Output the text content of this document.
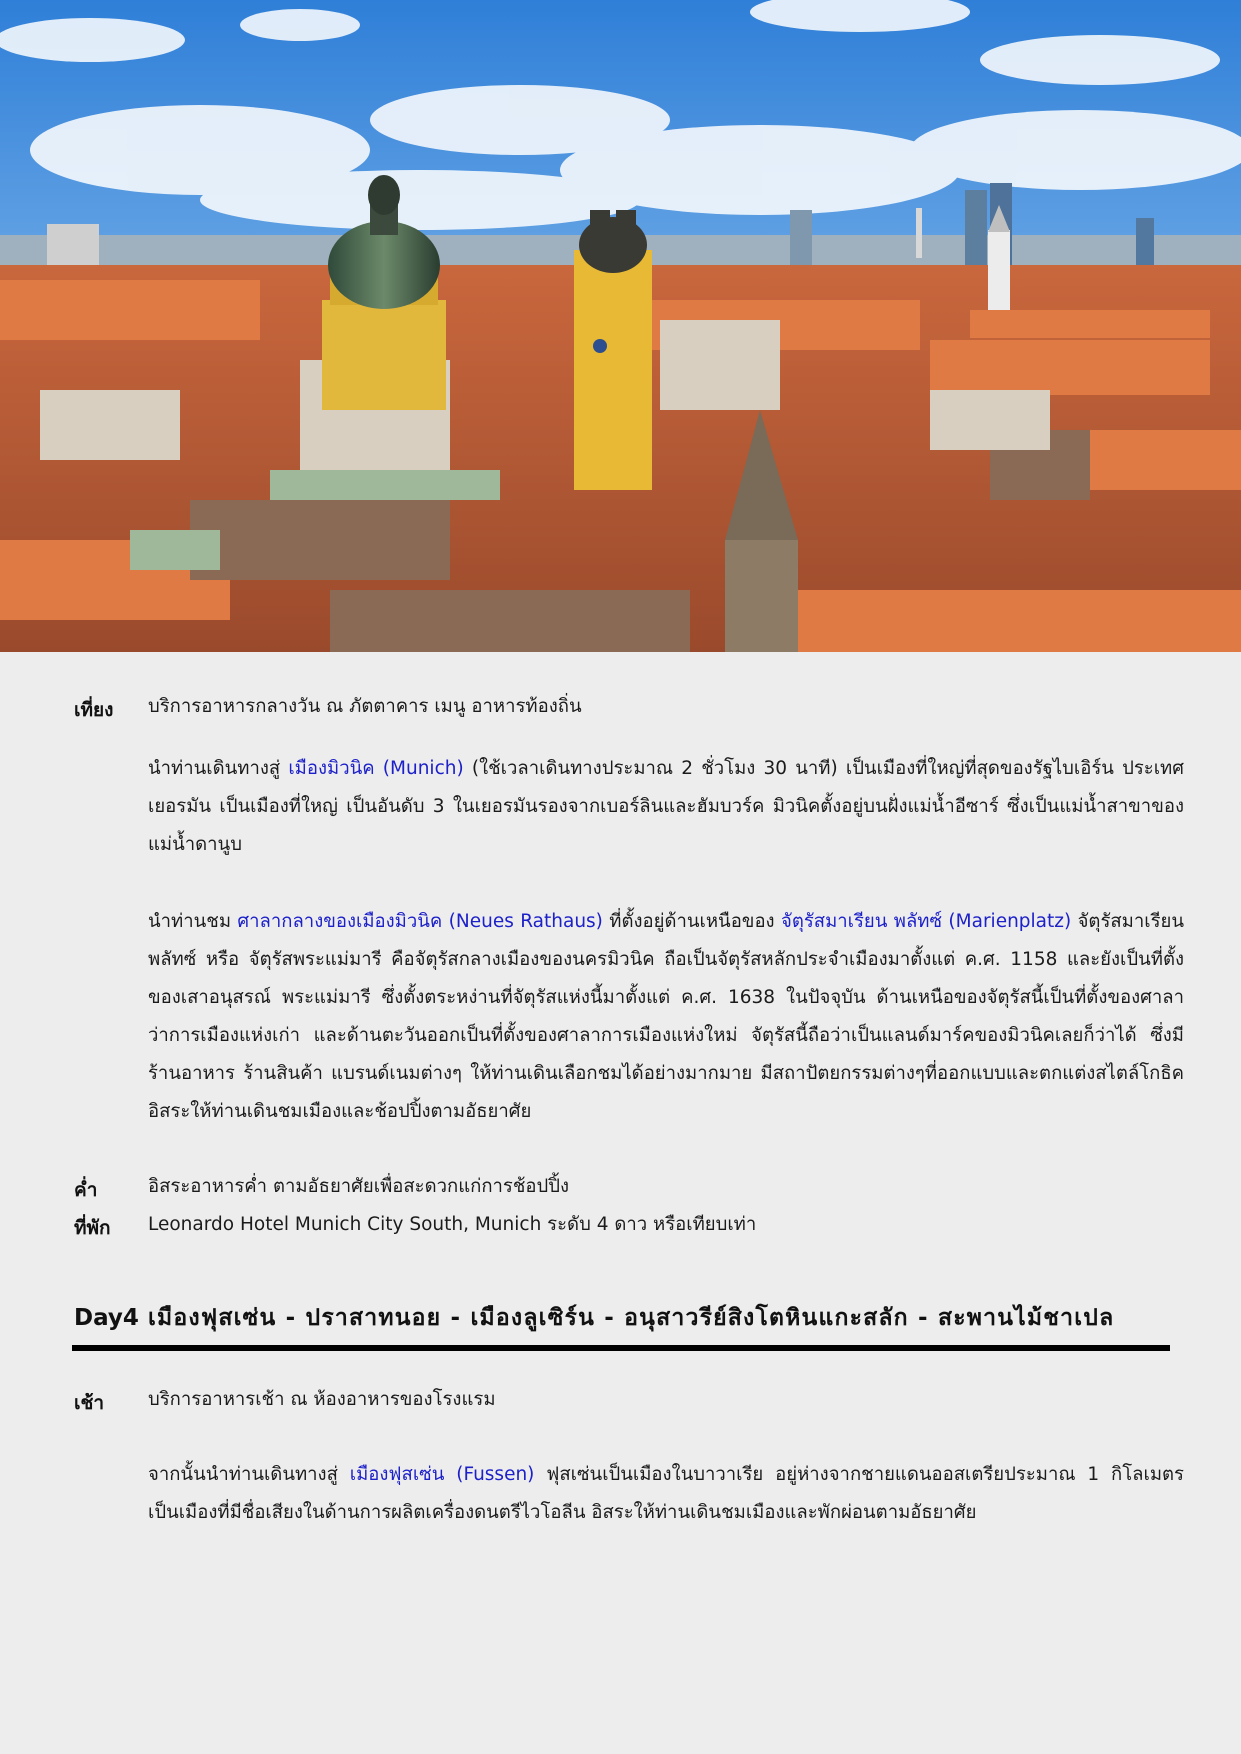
เที่ยง	บริการอาหารกลางวัน ณ ภัตตาคาร เมนู อาหารท้องถิ่น
นำท่านเดินทางสู่ เมืองมิวนิค (Munich) (ใช้เวลาเดินทางประมาณ 2 ชั่วโมง 30 นาที) เป็นเมืองที่ใหญ่ที่สุดของรัฐไบเอิร์น ประเทศเยอรมัน เป็นเมืองที่ใหญ่ เป็นอันดับ 3 ในเยอรมันรองจากเบอร์ลินและฮัมบวร์ค มิวนิคตั้งอยู่บนฝั่งแม่น้ำอีซาร์ ซึ่งเป็นแม่น้ำสาขาของแม่น้ำดานูบ
นำท่านชม ศาลากลางของเมืองมิวนิค (Neues Rathaus) ที่ตั้งอยู่ด้านเหนือของ จัตุรัสมาเรียน พลัทซ์ (Marienplatz) จัตุรัสมาเรียน พลัทซ์ หรือ จัตุรัสพระแม่มารี คือจัตุรัสกลางเมืองของนครมิวนิค ถือเป็นจัตุรัสหลักประจำเมืองมาตั้งแต่ ค.ศ. 1158 และยังเป็นที่ตั้งของเสาอนุสรณ์ พระแม่มารี ซึ่งตั้งตระหง่านที่จัตุรัสแห่งนี้มาตั้งแต่ ค.ศ. 1638 ในปัจจุบัน ด้านเหนือของจัตุรัสนี้เป็นที่ตั้งของศาลาว่าการเมืองแห่งเก่า และด้านตะวันออกเป็นที่ตั้งของศาลาการเมืองแห่งใหม่ จัตุรัสนี้ถือว่าเป็นแลนด์มาร์คของมิวนิคเลยก็ว่าได้ ซึ่งมีร้านอาหาร ร้านสินค้า แบรนด์เนมต่างๆ ให้ท่านเดินเลือกชมได้อย่างมากมาย มีสถาปัตยกรรมต่างๆที่ออกแบบและตกแต่งสไตล์โกธิค อิสระให้ท่านเดินชมเมืองและช้อปปิ้งตามอัธยาศัย
ค่ำ	อิสระอาหารค่ำ ตามอัธยาศัยเพื่อสะดวกแก่การช้อปปิ้ง
ที่พัก	Leonardo Hotel Munich City South, Munich ระดับ 4 ดาว หรือเทียบเท่า
Day4 เมืองฟุสเซ่น - ปราสาทนอย - เมืองลูเซิร์น - อนุสาวรีย์สิงโตหินแกะสลัก - สะพานไม้ชาเปล
เช้า	บริการอาหารเช้า ณ ห้องอาหารของโรงแรม
จากนั้นนำท่านเดินทางสู่ เมืองฟุสเซ่น (Fussen) ฟุสเซ่นเป็นเมืองในบาวาเรีย อยู่ห่างจากชายแดนออสเตรียประมาณ 1 กิโลเมตร เป็นเมืองที่มีชื่อเสียงในด้านการผลิตเครื่องดนตรีไวโอลีน อิสระให้ท่านเดินชมเมืองและพักผ่อนตามอัธยาศัย
